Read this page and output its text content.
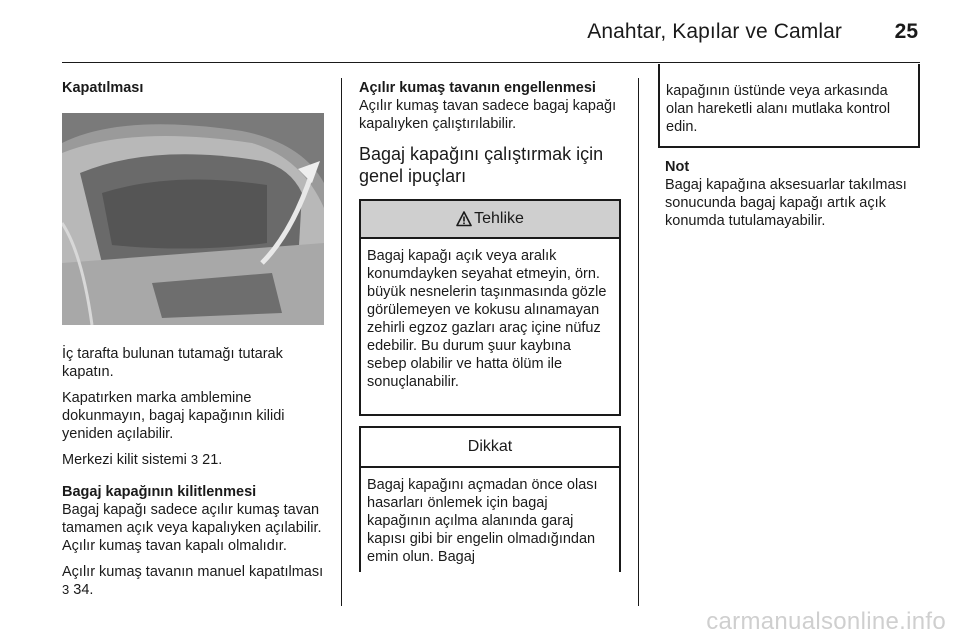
Anahtar, Kapılar ve Camlar	25
Kapatılması

İç tarafta bulunan tutamağı tutarak kapatın.

Kapatırken marka amblemine dokunmayın, bagaj kapağının kilidi yeniden açılabilir.

Merkezi kilit sistemi 3 21.

Bagaj kapağının kilitlenmesi

Bagaj kapağı sadece açılır kumaş tavan tamamen açık veya kapalıyken açılabilir. Açılır kumaş tavan kapalı olmalıdır.

Açılır kumaş tavanın manuel kapatılması 3 34.

Açılır kumaş tavanın engellenmesi

Açılır kumaş tavan sadece bagaj kapağı kapalıyken çalıştırılabilir.

Bagaj kapağını çalıştırmak için genel ipuçları
Tehlike
Bagaj kapağı açık veya aralık konumdayken seyahat etmeyin, örn. büyük nesnelerin taşınmasında gözle görülemeyen ve kokusu alınamayan zehirli egzoz gazları araç içine nüfuz edebilir. Bu durum şuur kaybına sebep olabilir ve hatta ölüm ile sonuçlanabilir.
Dikkat
Bagaj kapağını açmadan önce olası hasarları önlemek için bagaj kapağının açılma alanında garaj kapısı gibi bir engelin olmadığından emin olun. Bagaj
kapağının üstünde veya arkasında olan hareketli alanı mutlaka kontrol edin.
Not

Bagaj kapağına aksesuarlar takılması sonucunda bagaj kapağı artık açık konumda tutulamayabilir.

carmanualsonline.info
